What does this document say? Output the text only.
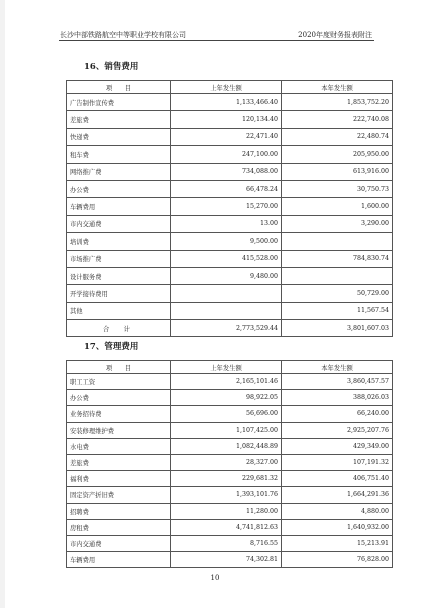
长沙中部铁路航空中等职业学校有限公司	2020年度财务报表附注
16、销售费用
项　　目	上年发生额	本年发生额
广告制作宣传费	1,133,466.40	1,853,752.20
差旅费	120,134.40	222,740.08
快递费	22,471.40	22,480.74
租车费	247,100.00	205,950.00
网络推广费	734,088.00	613,916.00
办公费	66,478.24	30,750.73
车辆费用	15,270.00	1,600.00
市内交通费	13.00	3,290.00
培训费	9,500.00	
市场推广费	415,528.00	784,830.74
设计服务费	9,480.00	
开学接待费用		50,729.00
其他		11,567.54
合　计	2,773,529.44	3,801,607.03
17、管理费用
项　　目	上年发生额	本年发生额
职工工资	2,165,101.46	3,860,457.57
办公费	98,922.05	388,026.03
业务招待费	56,696.00	66,240.00
安装修理维护费	1,107,425.00	2,925,207.76
水电费	1,082,448.89	429,349.00
差旅费	28,327.00	107,191.32
福利费	229,681.32	406,751.40
固定资产折旧费	1,393,101.76	1,664,291.36
招聘费	11,280.00	4,880.00
房租费	4,741,812.63	1,640,932.00
市内交通费	8,716.55	15,213.91
车辆费用	74,302.81	76,828.00
10
